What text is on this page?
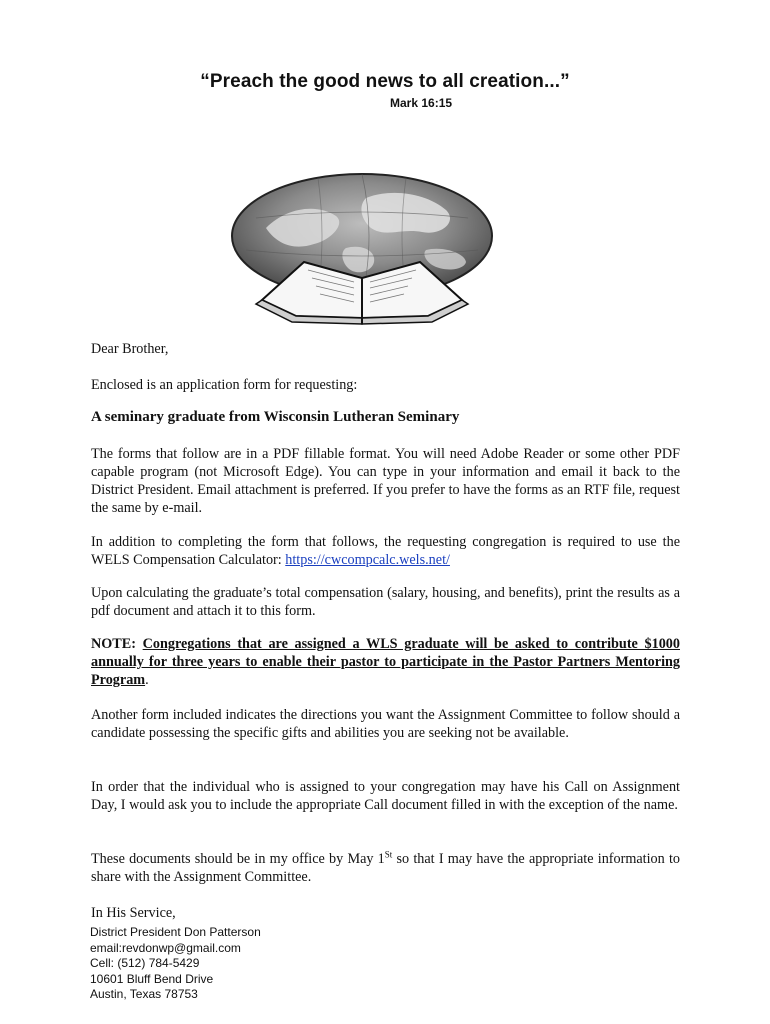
“Preach the good news to all creation...”
Mark 16:15
Dear Brother,
Enclosed is an application form for requesting:
A seminary graduate from Wisconsin Lutheran Seminary
The forms that follow are in a PDF fillable format. You will need Adobe Reader or some other PDF capable program (not Microsoft Edge). You can type in your information and email it back to the District President. Email attachment is preferred. If you prefer to have the forms as an RTF file, request the same by e-mail.
In addition to completing the form that follows, the requesting congregation is required to use the WELS Compensation Calculator: https://cwcompcalc.wels.net/
Upon calculating the graduate’s total compensation (salary, housing, and benefits), print the results as a pdf document and attach it to this form.
NOTE: Congregations that are assigned a WLS graduate will be asked to contribute $1000 annually for three years to enable their pastor to participate in the Pastor Partners Mentoring Program.
Another form included indicates the directions you want the Assignment Committee to follow should a candidate possessing the specific gifts and abilities you are seeking not be available.
In order that the individual who is assigned to your congregation may have his Call on Assignment Day, I would ask you to include the appropriate Call document filled in with the exception of the name.
These documents should be in my office by May 1St so that I may have the appropriate information to share with the Assignment Committee.
In His Service,
District President Don Patterson
email:revdonwp@gmail.com
Cell: (512) 784-5429
10601 Bluff Bend Drive
Austin, Texas 78753
